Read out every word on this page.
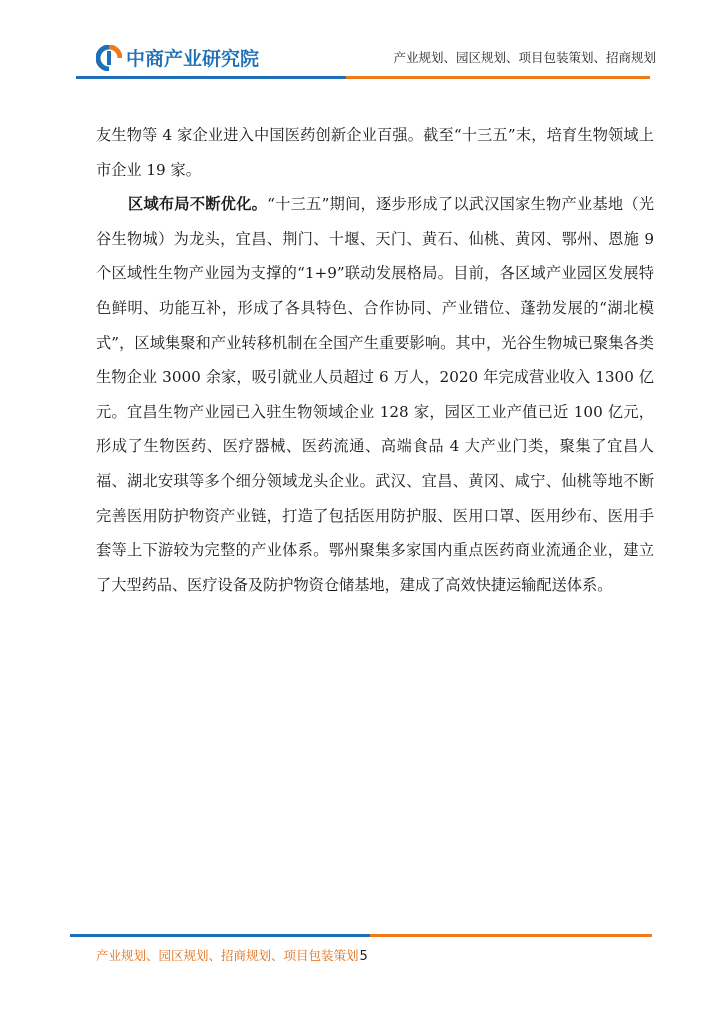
中商产业研究院	产业规划、园区规划、项目包装策划、招商规划

友生物等 4 家企业进入中国医药创新企业百强。截至“十三五”末，培育生物领域上市企业 19 家。

区域布局不断优化。“十三五”期间，逐步形成了以武汉国家生物产业基地（光谷生物城）为龙头，宜昌、荆门、十堰、天门、黄石、仙桃、黄冈、鄂州、恩施 9 个区域性生物产业园为支撑的“1+9”联动发展格局。目前，各区域产业园区发展特色鲜明、功能互补，形成了各具特色、合作协同、产业错位、蓬勃发展的“湖北模式”，区域集聚和产业转移机制在全国产生重要影响。其中，光谷生物城已聚集各类生物企业 3000 余家，吸引就业人员超过 6 万人，2020 年完成营业收入 1300 亿元。宜昌生物产业园已入驻生物领域企业 128 家，园区工业产值已近 100 亿元，形成了生物医药、医疗器械、医药流通、高端食品 4 大产业门类，聚集了宜昌人福、湖北安琪等多个细分领域龙头企业。武汉、宜昌、黄冈、咸宁、仙桃等地不断完善医用防护物资产业链，打造了包括医用防护服、医用口罩、医用纱布、医用手套等上下游较为完整的产业体系。鄂州聚集多家国内重点医药商业流通企业，建立了大型药品、医疗设备及防护物资仓储基地，建成了高效快捷运输配送体系。

产业规划、园区规划、招商规划、项目包装策划5
